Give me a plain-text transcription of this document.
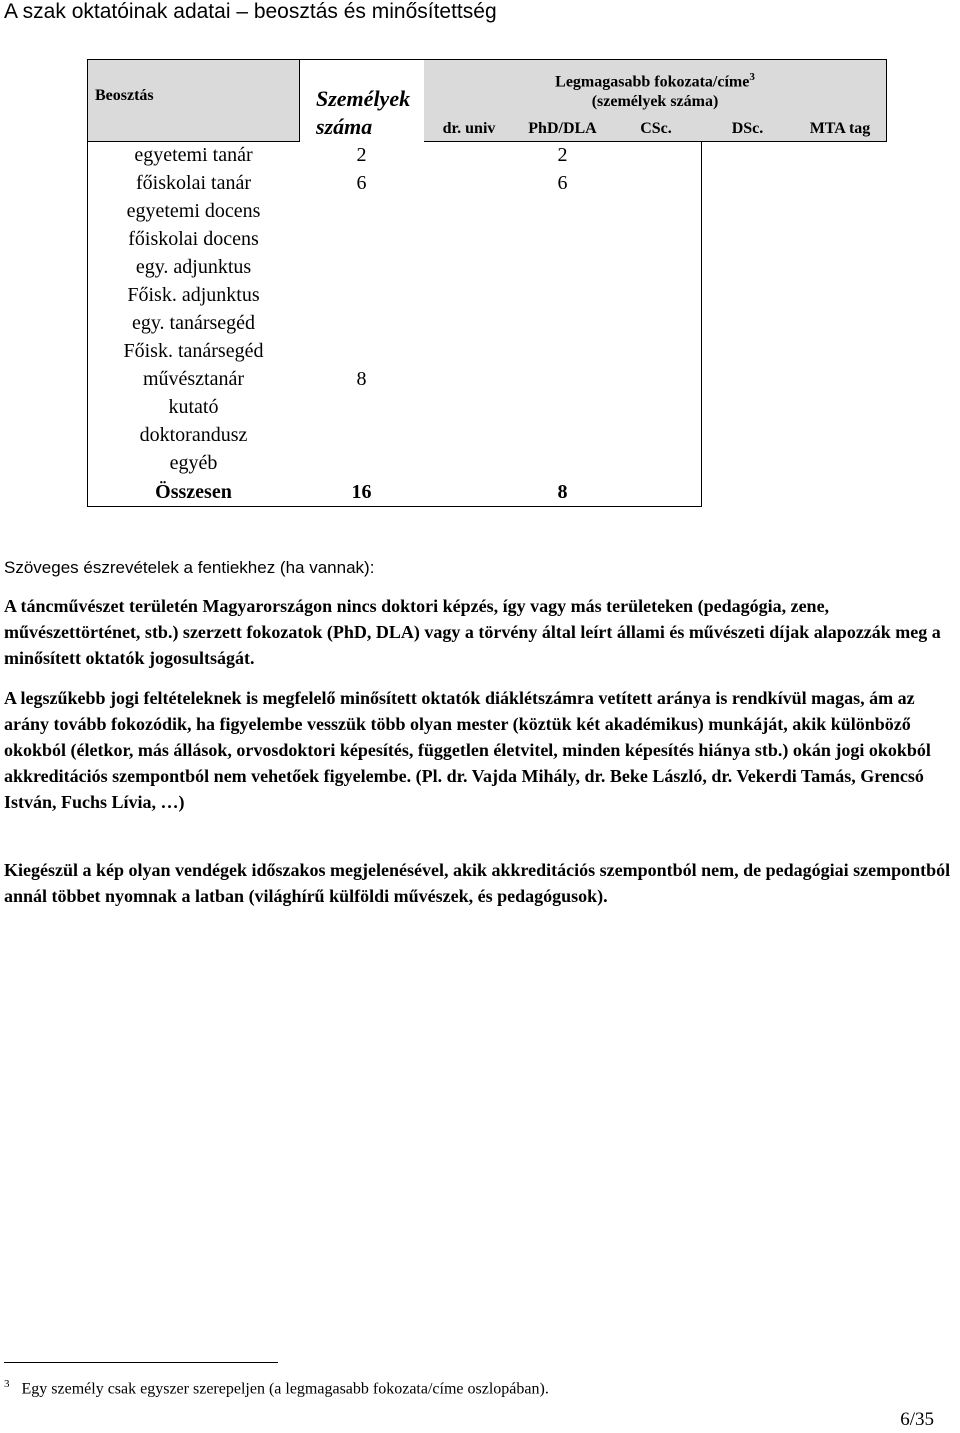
A szak oktatóinak adatai – beosztás és minősítettség
Beosztás	Személyek száma	Legmagasabb fokozata/címe$^3$
(személyek száma)				
		dr. univ	PhD/DLA	CSc.	DSc.	MTA tag
egyetemi tanár	2		2			
főiskolai tanár	6		6			
egyetemi docens						
főiskolai docens						
egy. adjunktus						
Főisk. adjunktus						
egy. tanársegéd						
Főisk. tanársegéd						
művésztanár	8					
kutató						
doktorandusz						
egyéb						
Összesen	16		8			
Szöveges észrevételek a fentiekhez (ha vannak):

A táncművészet területén Magyarországon nincs doktori képzés, így vagy más területeken (pedagógia, zene, művészettörténet, stb.) szerzett fokozatok (PhD, DLA) vagy a törvény által leírt állami és művészeti díjak alapozzák meg a minősített oktatók jogosultságát.

A legszűkebb jogi feltételeknek is megfelelő minősített oktatók diáklétszámra vetített aránya is rendkívül magas, ám az arány tovább fokozódik, ha figyelembe vesszük több olyan mester (köztük két akadémikus) munkáját, akik különböző okokból (életkor, más állások, orvosdoktori képesítés, független életvitel, minden képesítés hiánya stb.) okán jogi okokból akkreditációs szempontból nem vehetőek figyelembe. (Pl. dr. Vajda Mihály, dr. Beke László, dr. Vekerdi Tamás, Grencsó István, Fuchs Lívia, …)

Kiegészül a kép olyan vendégek időszakos megjelenésével, akik akkreditációs szempontból nem, de pedagógiai szempontból annál többet nyomnak a latban (világhírű külföldi művészek, és pedagógusok).

$^3$ Egy személy csak egyszer szerepeljen (a legmagasabb fokozata/címe oszlopában).
6/35
